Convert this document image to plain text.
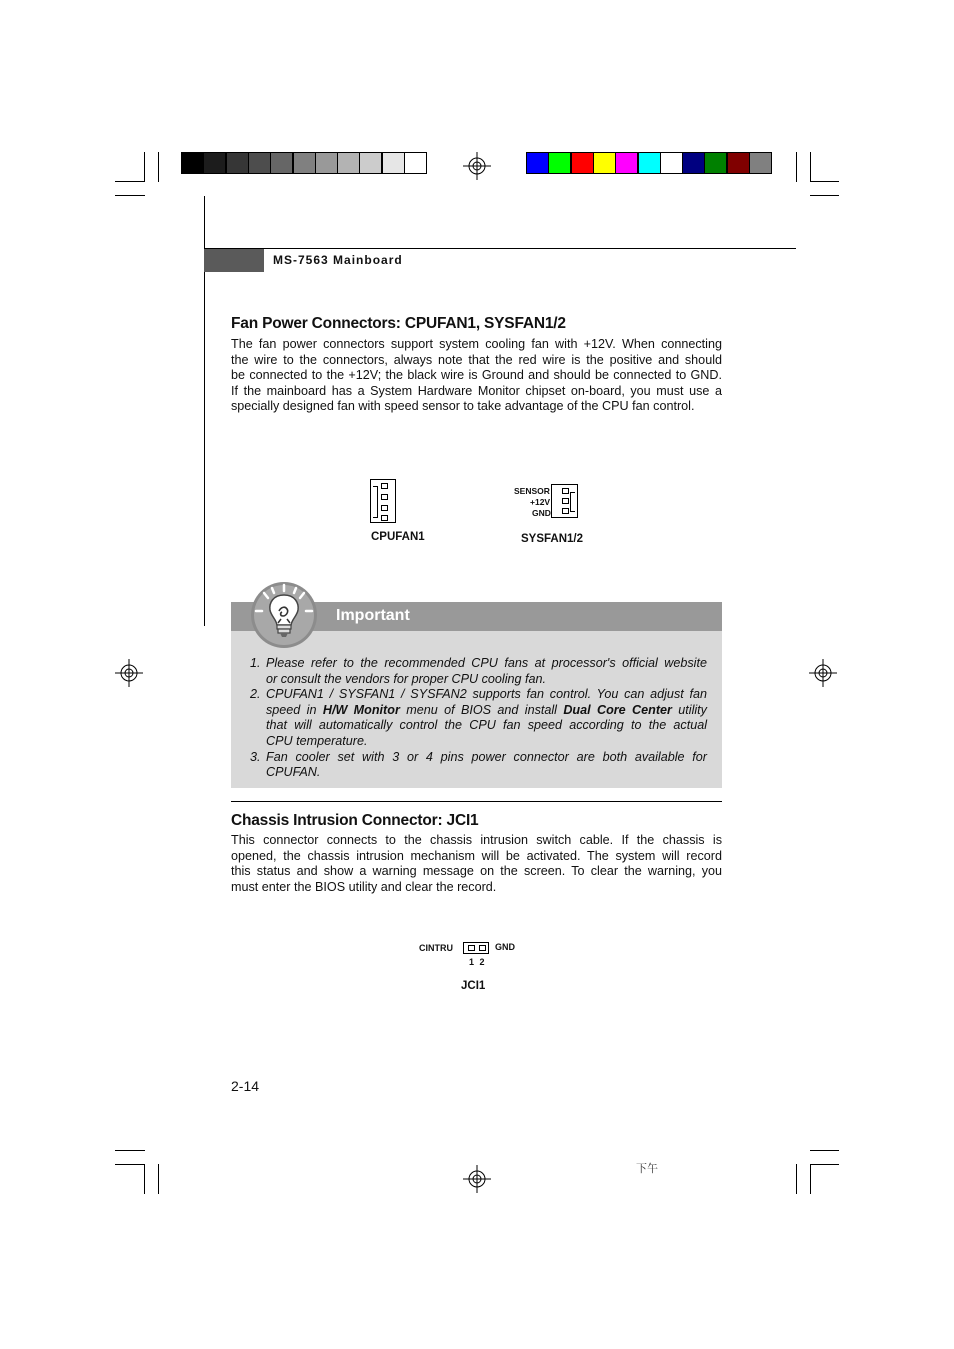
MS-7563 Mainboard
Fan Power Connectors: CPUFAN1, SYSFAN1/2
The fan power connectors support system cooling fan with +12V. When connecting
the wire to the connectors, always note that the red wire is the positive and should
be connected to the +12V; the black wire is Ground and should be connected to GND.
If the mainboard has a System Hardware Monitor chipset on-board, you must use a
specially designed fan with speed sensor to take advantage of the CPU fan control.
CPUFAN1
SENSOR
+12V
GND
SYSFAN1/2
Important
1. Please refer to the recommended CPU fans at processor's official website
or consult the vendors for proper CPU cooling fan.
2. CPUFAN1 / SYSFAN1 / SYSFAN2 supports fan control. You can adjust fan
speed in H/W Monitor menu of BIOS and install Dual Core Center utility
that will automatically control the CPU fan speed according to the actual
CPU temperature.
3. Fan cooler set with 3 or 4 pins power connector are both available for
CPUFAN.
Chassis Intrusion Connector: JCI1
This connector connects to the chassis intrusion switch cable. If the chassis is
opened, the chassis intrusion mechanism will be activated. The system will record
this status and show a warning message on the screen. To clear the warning, you
must enter the BIOS utility and clear the record.
CINTRU	GND
1 2
JCI1
2-14
下午
